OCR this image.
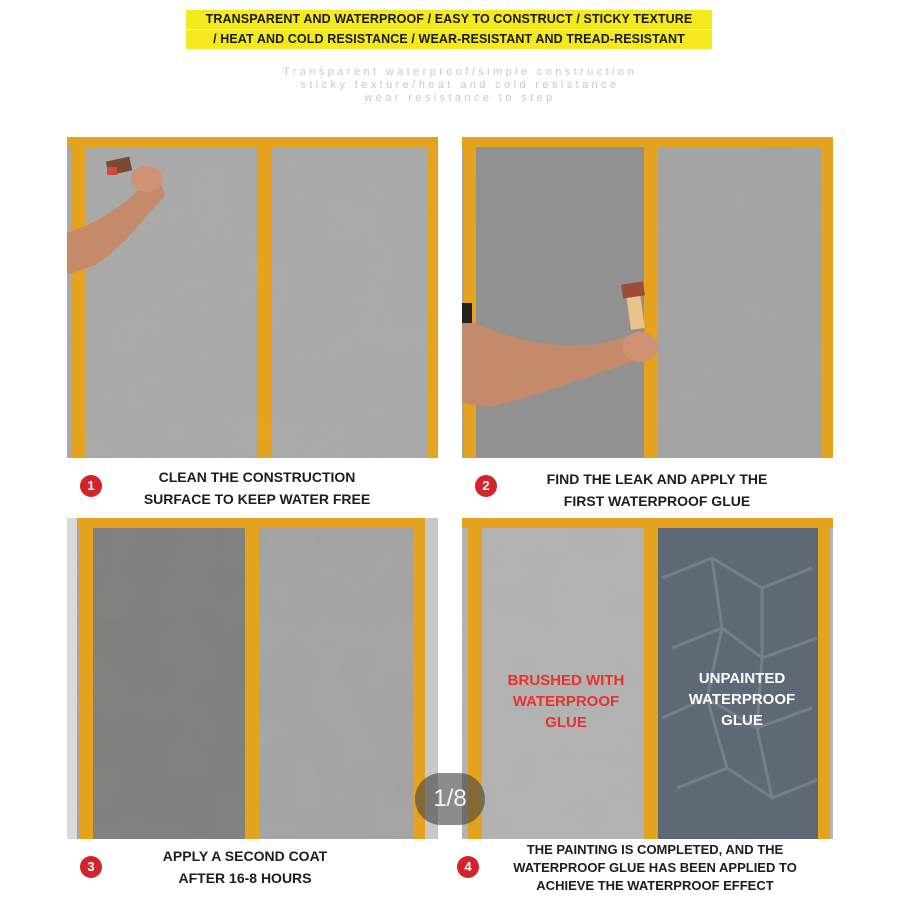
TRANSPARENT AND WATERPROOF / EASY TO CONSTRUCT / STICKY TEXTURE
/ HEAT AND COLD RESISTANCE / WEAR-RESISTANT AND TREAD-RESISTANT
Transparent waterproof/simple construction
sticky texture/heat and cold resistance
wear resistance to step
BRUSHED WITH
WATERPROOF
GLUE
UNPAINTED
WATERPROOF
GLUE
1
CLEAN THE CONSTRUCTION
SURFACE TO KEEP WATER FREE
2	FIND THE LEAK AND APPLY THE
FIRST WATERPROOF GLUE
3
APPLY A SECOND COAT
AFTER 16-8 HOURS
4
THE PAINTING IS COMPLETED, AND THE
WATERPROOF GLUE HAS BEEN APPLIED TO
ACHIEVE THE WATERPROOF EFFECT
1/8
